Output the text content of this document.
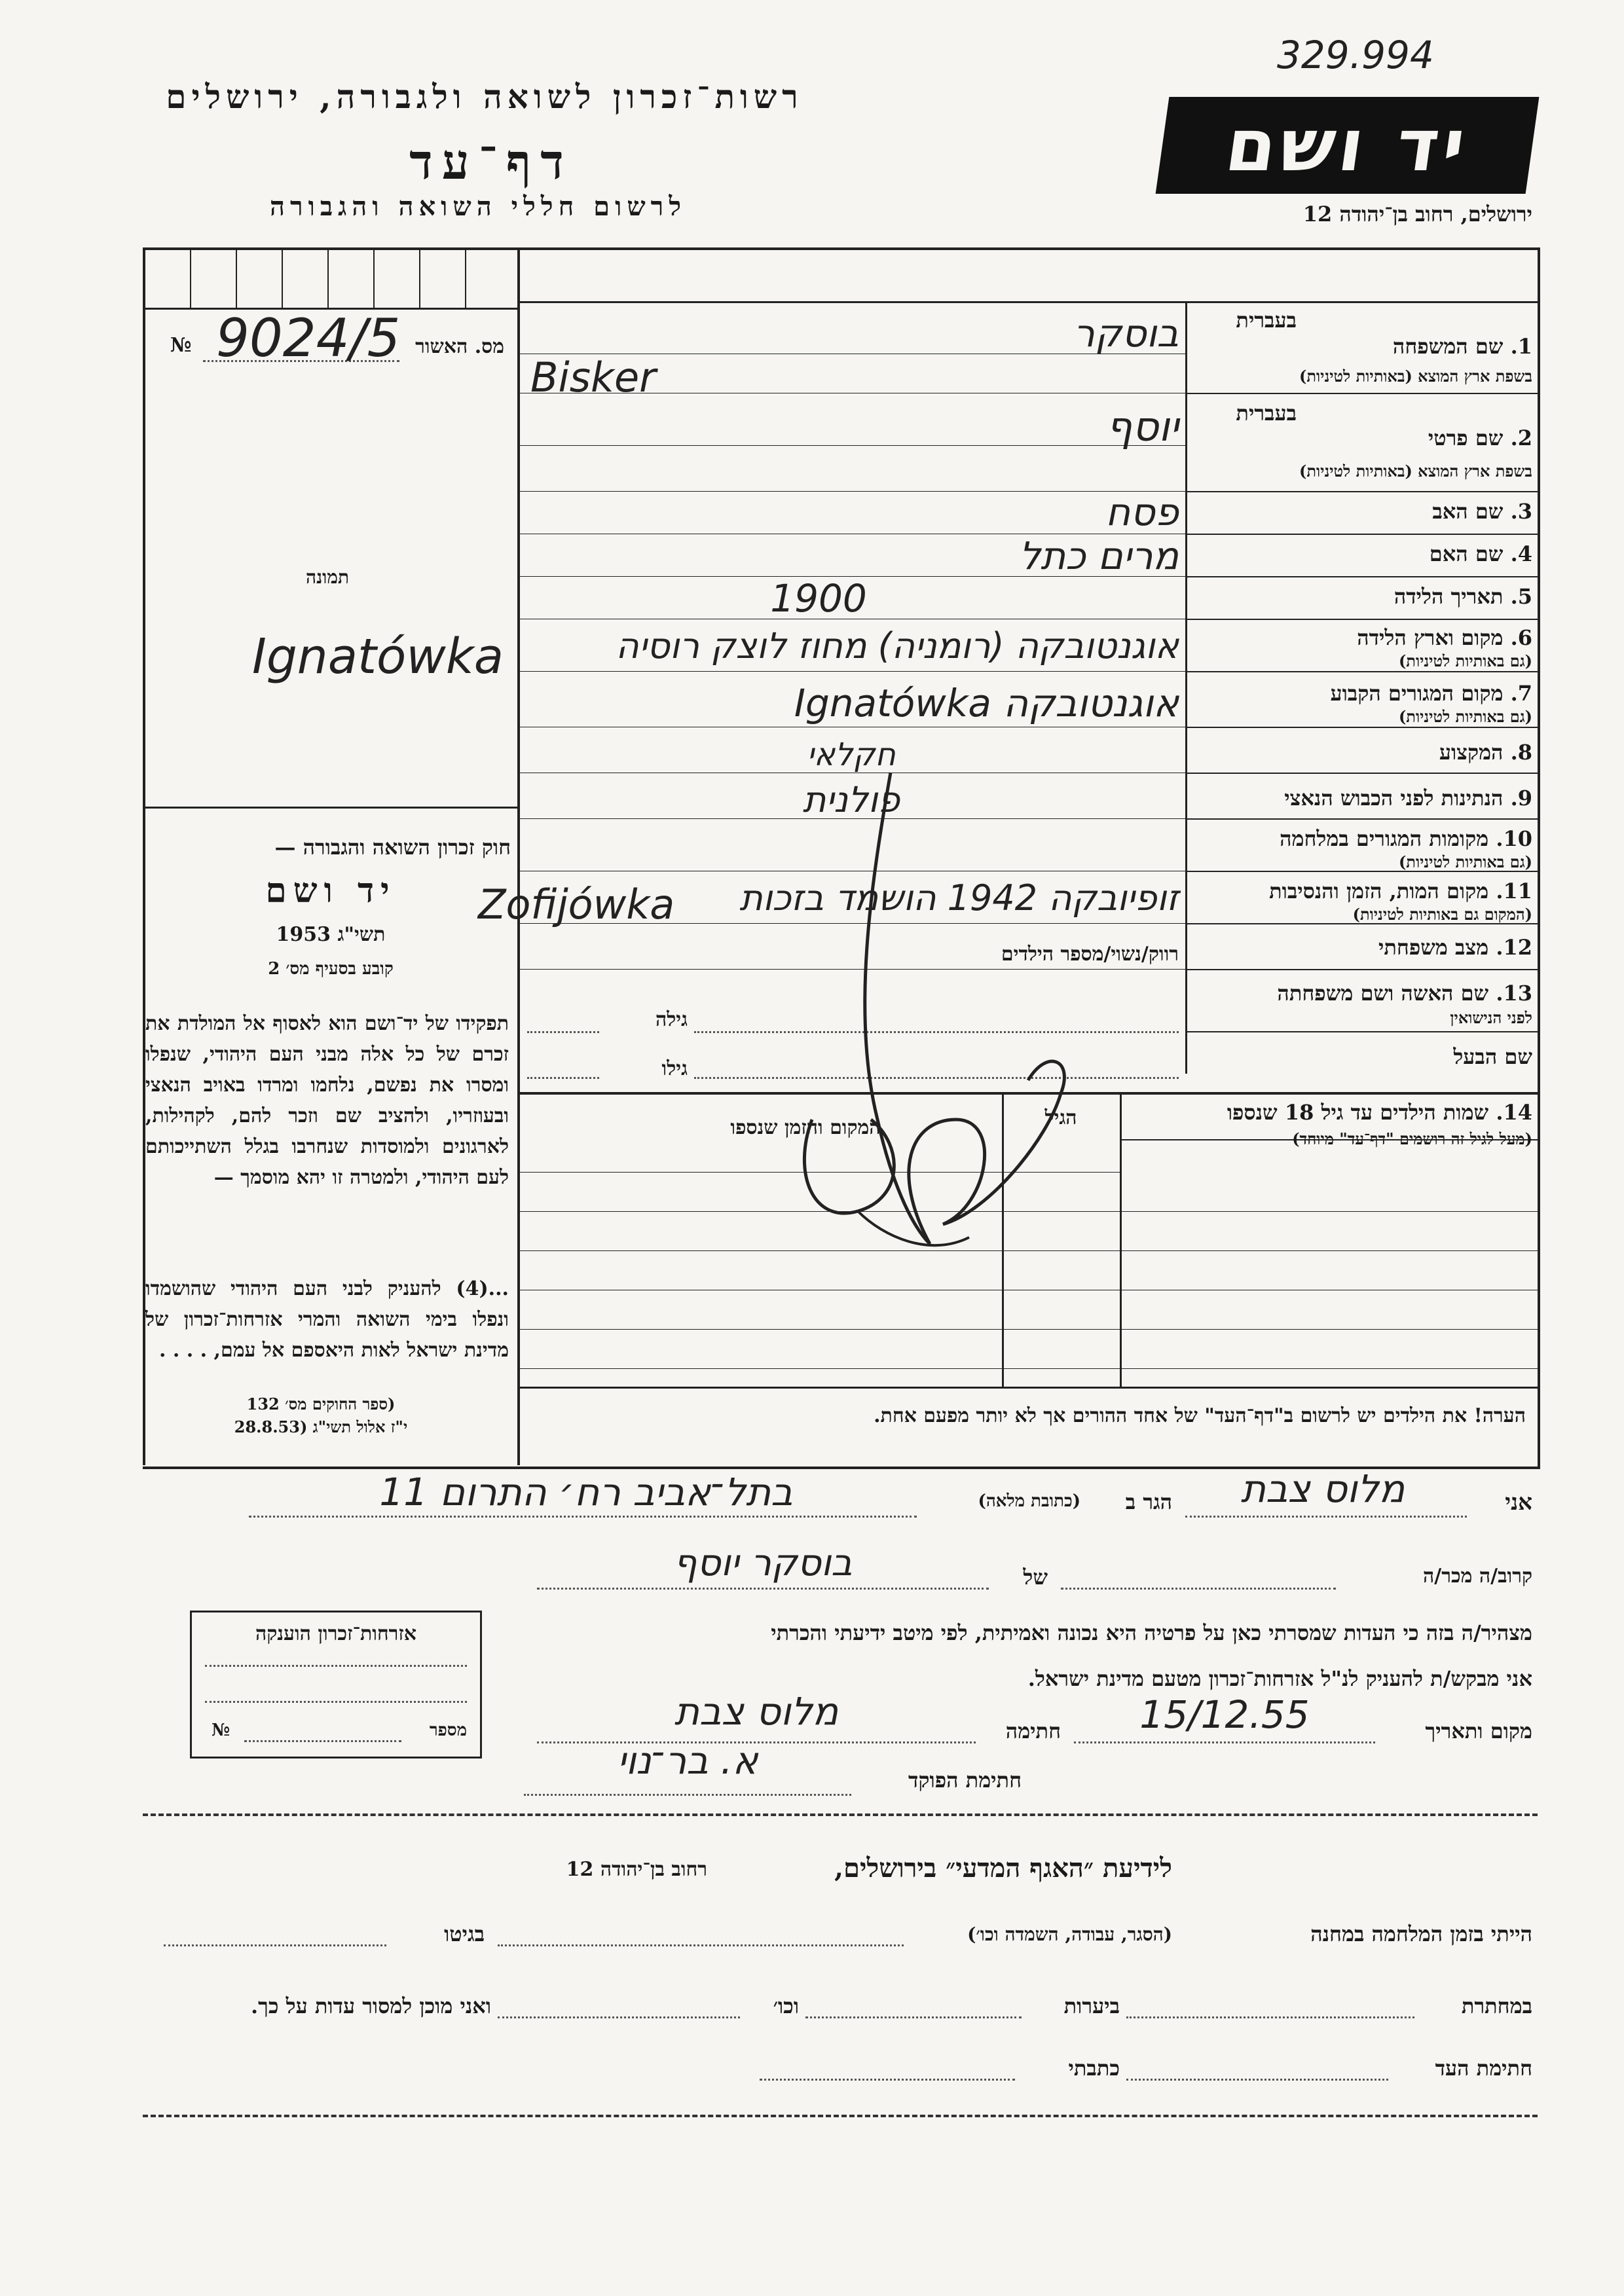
329.994
רשות־זכרון לשואה ולגבורה, ירושלים
דף־עד
לרשום חללי השואה והגבורה
יד ושם
ירושלים, רחוב בן־יהודה 12
№ 9024/5 מס. האשור
תמונה
Ignatówka
חוק זכרון השואה והגבורה —
יד ושם
תשי"ג 1953
קובע בסעיף מס׳ 2
תפקידו של יד־ושם הוא לאסוף אל המולדת את זכרם של כל אלה מבני העם היהודי, שנפלו ומסרו את נפשם, נלחמו ומרדו באויב הנאצי ובעוזריו, ולהציב שם וזכר להם, לקהילות, לארגונים ולמוסדות שנחרבו בגלל השתייכותם לעם היהודי, ולמטרה זו יהא מוסמך —
...(4) להעניק לבני העם היהודי שהושמדו ונפלו בימי השואה והמרי אזרחות־זכרון של מדינת ישראל לאות היאספם אל עמם, . . . .
(ספר החוקים מס׳ 132
י"ז אלול תשי"ג (28.8.53
1. שם המשפחה
בעברית
בשפת ארץ המוצא (באותיות לטיניות)
בוסקר
Bisker
2. שם פרטי
בעברית
בשפת ארץ המוצא (באותיות לטיניות)
יוסף
3. שם האב
פסח
4. שם האם
מרים כתל
5. תאריך הלידה
1900
6. מקום וארץ הלידה
(גם באותיות לטיניות)
אוגנטובקה (רומניה) מחוז לוצק רוסיה
7. מקום המגורים הקבוע
(גם באותיות לטיניות)
אוגנטובקה Ignatówka
8. המקצוע
חקלאי
9. הנתינות לפני הכבוש הנאצי
פולנית
10. מקומות המגורים במלחמה
(גם באותיות לטיניות)
11. מקום המות, הזמן והנסיבות
(המקום גם באותיות לטיניות)
זופיובקה 1942 הושמד בזכות
Zofijówka
12. מצב משפחתי
רווק/נשוי/מספר הילדים
13. שם האשה ושם משפחתה
לפני הנישואין
גילה
שם הבעל
גילו
14. שמות הילדים עד גיל 18 שנספו
(מעל לגיל זה רושמים "דף־עד" מיוחד)
הגיל
המקום והזמן שנספו
הערה! את הילדים יש לרשום ב"דף־העד" של אחד ההורים אך לא יותר מפעם אחת.
אני
מלוס צבת
הגר ב
(כתובת מלאה)
בתל־אביב רח׳ התרום 11
קרוב/ה מכר/ה
של
בוסקר יוסף
מצהיר/ה בזה כי העדות שמסרתי כאן על פרטיה היא נכונה ואמיתית, לפי מיטב ידיעתי והכרתי
אני מבקש/ת להעניק לנ"ל אזרחות־זכרון מטעם מדינת ישראל.
מקום ותאריך
15/12.55
חתימה
מלוס צבת
חתימת הפוקד
א. בר־נוי
אזרחות־זכרון הוענקה
№	מספר
לידיעת ״האגף המדעי״ בירושלים,
רחוב בן־יהודה 12
הייתי בזמן המלחמה במחנה
(הסגר, עבודה, השמדה וכו׳)
בגיטו
במחתרת
ביערות
וכו׳
ואני מוכן למסור עדות על כך.
חתימת העד
כתבתי
